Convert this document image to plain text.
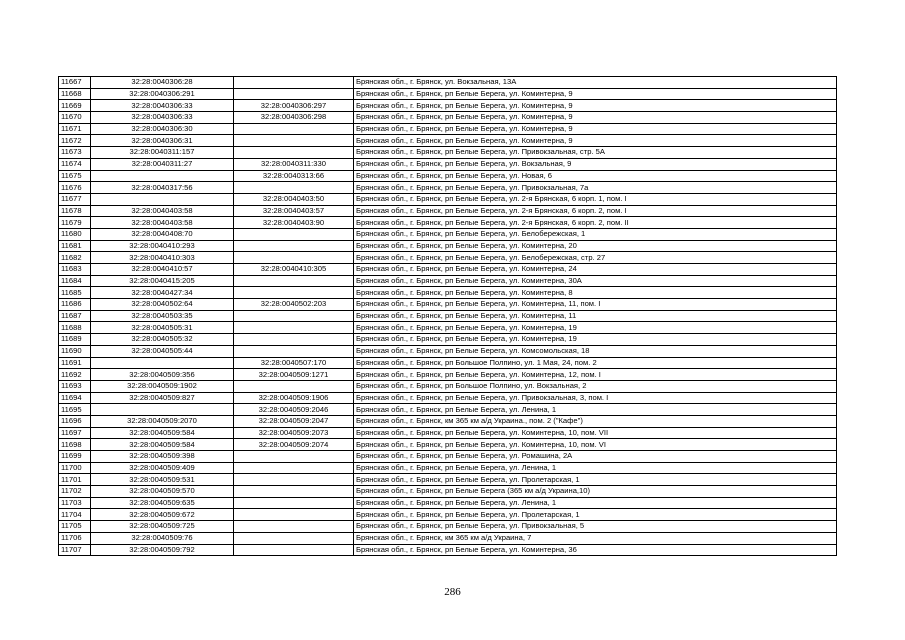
11667	32:28:0040306:28		Брянская обл., г. Брянск, ул. Вокзальная, 13А
11668	32:28:0040306:291		Брянская обл., г. Брянск, рп Белые Берега, ул. Коминтерна, 9
11669	32:28:0040306:33	32:28:0040306:297	Брянская обл., г. Брянск, рп Белые Берега, ул. Коминтерна, 9
11670	32:28:0040306:33	32:28:0040306:298	Брянская обл., г. Брянск, рп Белые Берега, ул. Коминтерна, 9
11671	32:28:0040306:30		Брянская обл., г. Брянск, рп Белые Берега, ул. Коминтерна, 9
11672	32:28:0040306:31		Брянская обл., г. Брянск, рп Белые Берега, ул. Коминтерна, 9
11673	32:28:0040311:157		Брянская обл., г. Брянск, рп Белые Берега, ул. Привокзальная, стр. 5А
11674	32:28:0040311:27	32:28:0040311:330	Брянская обл., г. Брянск, рп Белые Берега, ул. Вокзальная, 9
11675		32:28:0040313:66	Брянская обл., г. Брянск, рп Белые Берега, ул. Новая, 6
11676	32:28:0040317:56		Брянская обл., г. Брянск, рп Белые Берега, ул. Привокзальная, 7а
11677		32:28:0040403:50	Брянская обл., г. Брянск, рп Белые Берега, ул. 2-я Брянская, 6 корп. 1, пом. I
11678	32:28:0040403:58	32:28:0040403:57	Брянская обл., г. Брянск, рп Белые Берега, ул. 2-я Брянская, 6 корп. 2, пом. I
11679	32:28:0040403:58	32:28:0040403:90	Брянская обл., г. Брянск, рп Белые Берега, ул. 2-я Брянская, 6 корп. 2, пом. II
11680	32:28:0040408:70		Брянская обл., г. Брянск, рп Белые Берега, ул. Белобережская, 1
11681	32:28:0040410:293		Брянская обл., г. Брянск, рп Белые Берега, ул. Коминтерна, 20
11682	32:28:0040410:303		Брянская обл., г. Брянск, рп Белые Берега, ул. Белобережская, стр. 27
11683	32:28:0040410:57	32:28:0040410:305	Брянская обл., г. Брянск, рп Белые Берега, ул. Коминтерна, 24
11684	32:28:0040415:205		Брянская обл., г. Брянск, рп Белые Берега, ул. Коминтерна, 30А
11685	32:28:0040427:34		Брянская обл., г. Брянск, рп Белые Берега, ул. Коминтерна, 8
11686	32:28:0040502:64	32:28:0040502:203	Брянская обл., г. Брянск, рп Белые Берега, ул. Коминтерна, 11, пом. I
11687	32:28:0040503:35		Брянская обл., г. Брянск, рп Белые Берега, ул. Коминтерна, 11
11688	32:28:0040505:31		Брянская обл., г. Брянск, рп Белые Берега, ул. Коминтерна, 19
11689	32:28:0040505:32		Брянская обл., г. Брянск, рп Белые Берега, ул. Коминтерна, 19
11690	32:28:0040505:44		Брянская обл., г. Брянск, рп Белые Берега, ул. Комсомольская, 18
11691		32:28:0040507:170	Брянская обл., г. Брянск, рп Большое Полпино, ул. 1 Мая, 24, пом. 2
11692	32:28:0040509:356	32:28:0040509:1271	Брянская обл., г. Брянск, рп Белые Берега, ул. Коминтерна, 12, пом. I
11693	32:28:0040509:1902		Брянская обл., г. Брянск, рп Большое Полпино, ул. Вокзальная, 2
11694	32:28:0040509:827	32:28:0040509:1906	Брянская обл., г. Брянск, рп Белые Берега, ул. Привокзальная, 3, пом. I
11695		32:28:0040509:2046	Брянская обл., г. Брянск, рп Белые Берега, ул. Ленина, 1
11696	32:28:0040509:2070	32:28:0040509:2047	Брянская обл., г. Брянск, км 365 км а/д Украина., пом. 2 ("Кафе")
11697	32:28:0040509:584	32:28:0040509:2073	Брянская обл., г. Брянск, рп Белые Берега, ул. Коминтерна, 10, пом. VII
11698	32:28:0040509:584	32:28:0040509:2074	Брянская обл., г. Брянск, рп Белые Берега, ул. Коминтерна, 10, пом. VI
11699	32:28:0040509:398		Брянская обл., г. Брянск, рп Белые Берега, ул. Ромашина, 2А
11700	32:28:0040509:409		Брянская обл., г. Брянск, рп Белые Берега, ул. Ленина, 1
11701	32:28:0040509:531		Брянская обл., г. Брянск, рп Белые Берега, ул. Пролетарская, 1
11702	32:28:0040509:570		Брянская обл., г. Брянск, рп Белые Берега (365 км а/д Украина,10)
11703	32:28:0040509:635		Брянская обл., г. Брянск, рп Белые Берега, ул. Ленина, 1
11704	32:28:0040509:672		Брянская обл., г. Брянск, рп Белые Берега, ул. Пролетарская, 1
11705	32:28:0040509:725		Брянская обл., г. Брянск, рп Белые Берега, ул. Привокзальная, 5
11706	32:28:0040509:76		Брянская обл., г. Брянск, км 365 км а/д Украина, 7
11707	32:28:0040509:792		Брянская обл., г. Брянск, рп Белые Берега, ул. Коминтерна, 36
286
